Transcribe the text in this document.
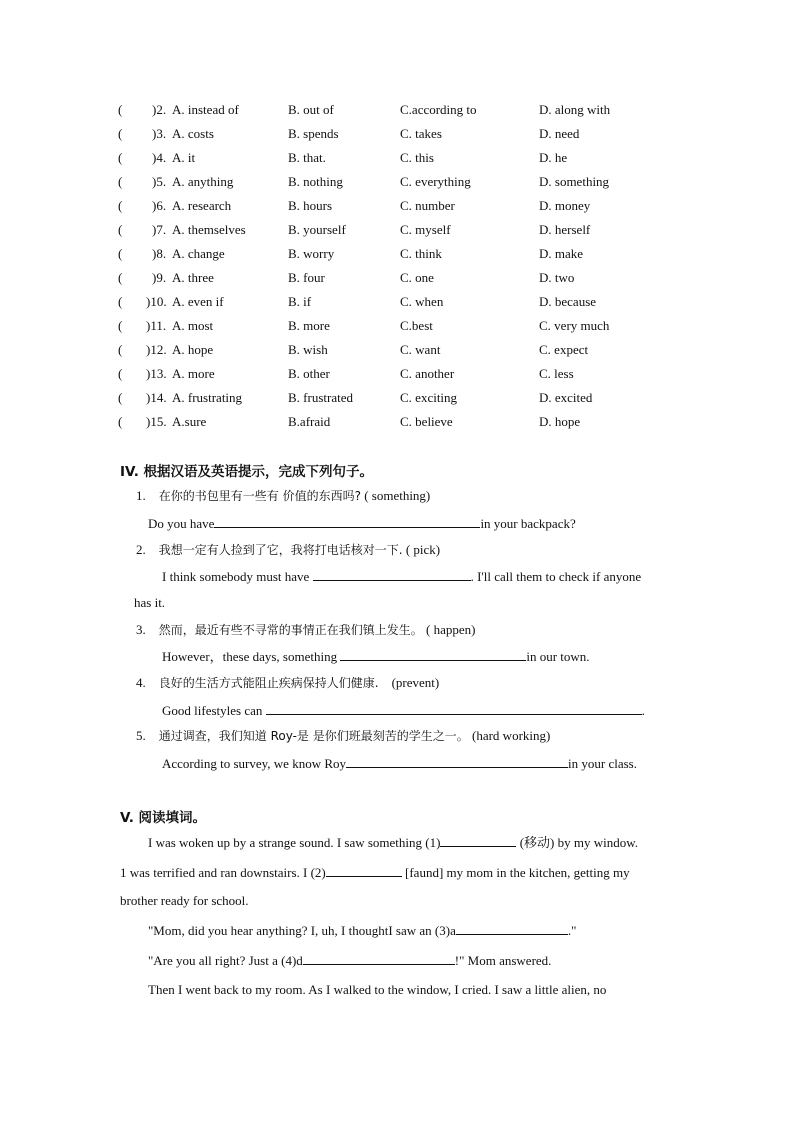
( )2. A. instead of	B. out of	C.according to	D. along with
( )3. A. costs	B. spends	C. takes	D. need
( )4. A. it	B. that.	C. this	D. he
( )5. A. anything	B. nothing	C. everything	D. something
( )6. A. research	B. hours	C. number	D. money
( )7. A. themselves	B. yourself	C. myself	D. herself
( )8. A. change	B. worry	C. think	D. make
( )9. A. three	B. four	C. one	D. two
( )10. A. even if	B. if	C. when	D. because
( )11. A. most	B. more	C.best	C. very much
( )12. A. hope	B. wish	C. want	C. expect
( )13. A. more	B. other	C. another	C. less
( )14. A. frustrating	B. frustrated	C. exciting	D. excited
( )15. A.sure	B.afraid	C. believe	D. hope
IV. 根据汉语及英语提示，完成下列句子。
1. 在你的书包里有一些有 价值的东西吗? ( something)
Do you have	in your backpack?
2. 我想一定有人捡到了它，我将打电话核对一下. ( pick)
I think somebody must have	. I'll call them to check if anyone
has it.
3. 然而，最近有些不寻常的事情正在我们镇上发生。 ( happen)
However，these days, something	in our town.
4. 良好的生活方式能阻止疾病保持人们健康. (prevent)
Good lifestyles can	.
5. 通过调查，我们知道 Roy-是 是你们班最刻苦的学生之一。 (hard working)
According to survey, we know Roy	in your class.
V. 阅读填词。
I was woken up by a strange sound. I saw something (1)	(移动) by my window.
1 was terrified and ran downstairs. I (2)	[faund] my mom in the kitchen, getting my
brother ready for school.
"Mom, did you hear anything? I, uh, I thoughtI saw an (3)a	."
"Are you all right? Just a (4)d	!" Mom answered.
Then I went back to my room. As I walked to the window, I cried. I saw a little alien, no
